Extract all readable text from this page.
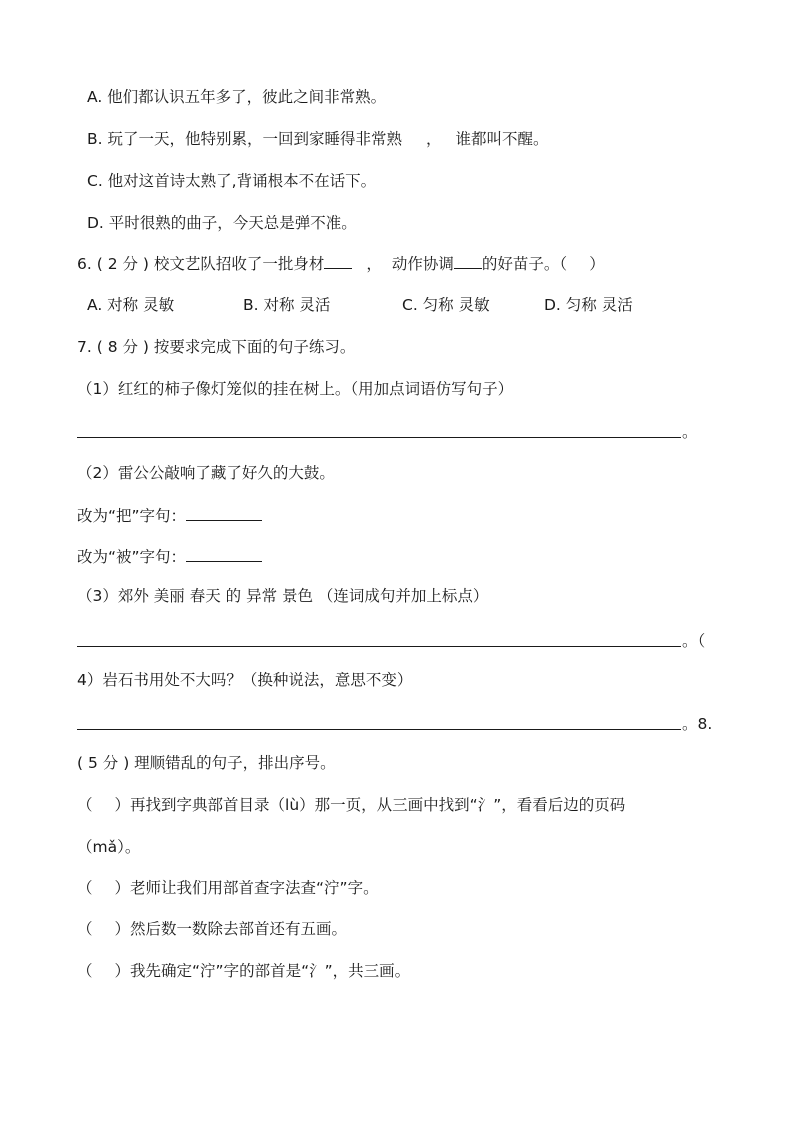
A. 他们都认识五年多了，彼此之间非常熟。
B. 玩了一天，他特别累，一回到家睡得非常熟 ， 谁都叫不醒。
C. 他对这首诗太熟了,背诵根本不在话下。
D. 平时很熟的曲子，今天总是弹不准。
6. ( 2 分 ) 校文艺队招收了一批身材	， 动作协调 的好苗子。（ ）
A. 对称 灵敏	B. 对称 灵活	C. 匀称 灵敏	D. 匀称 灵活
7. ( 8 分 ) 按要求完成下面的句子练习。
（1）红红的柿子像灯笼似的挂在树上。（用加点词语仿写句子）
。
（2）雷公公敲响了藏了好久的大鼓。
改为“把”字句：
改为“被”字句：
（3）郊外 美丽 春天 的 异常 景色 （连词成句并加上标点）
。（
4）岩石书用处不大吗？（换种说法，意思不变）
。8.
( 5 分 ) 理顺错乱的句子，排出序号。
（ ）再找到字典部首目录（lù）那一页，从三画中找到“氵”，看看后边的页码
（mǎ）。
（ ）老师让我们用部首查字法查“泞”字。
（ ）然后数一数除去部首还有五画。
（ ）我先确定“泞”字的部首是“氵”，共三画。
